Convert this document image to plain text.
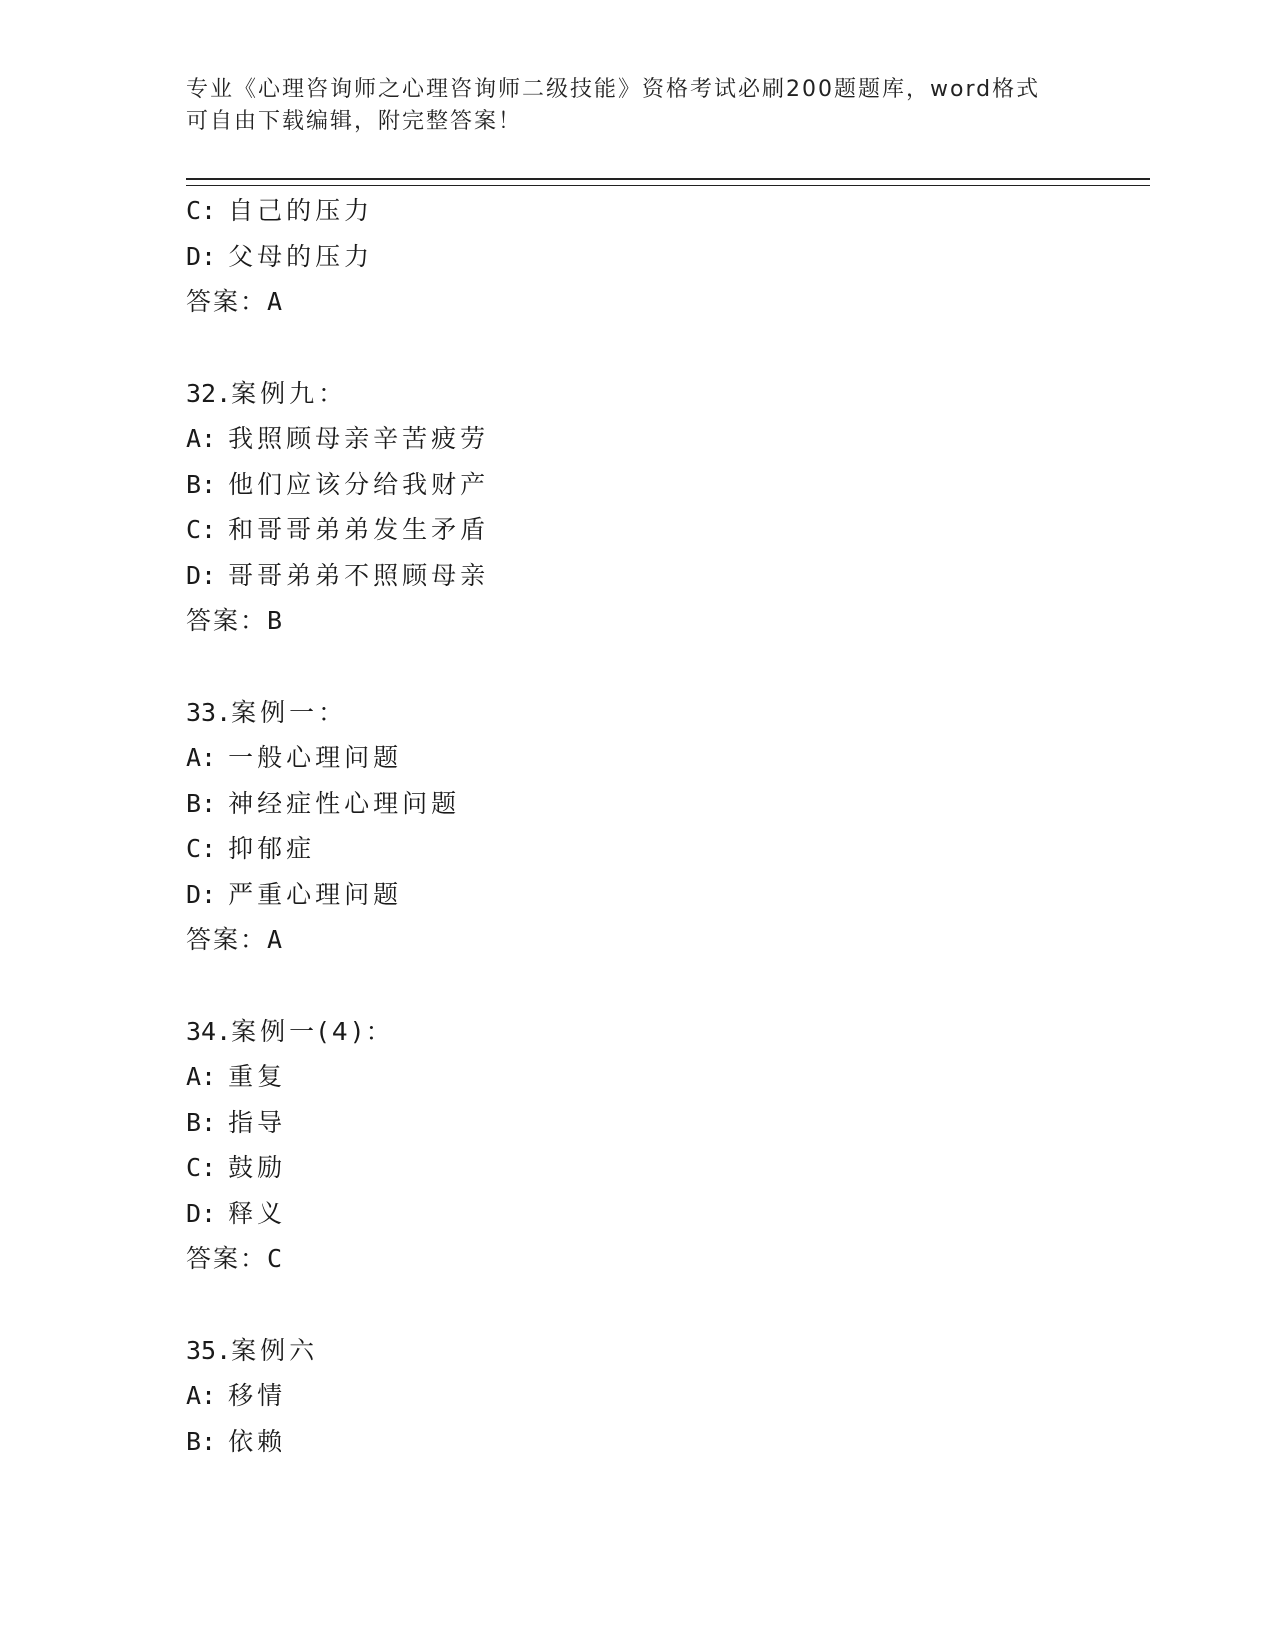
专业《心理咨询师之心理咨询师二级技能》资格考试必刷200题题库，word格式
可自由下载编辑，附完整答案！
C: 自己的压力
D: 父母的压力
答案：A
32.案例九：
A: 我照顾母亲辛苦疲劳
B: 他们应该分给我财产
C: 和哥哥弟弟发生矛盾
D: 哥哥弟弟不照顾母亲
答案：B
33.案例一：
A: 一般心理问题
B: 神经症性心理问题
C: 抑郁症
D: 严重心理问题
答案：A
34.案例一(4)：
A: 重复
B: 指导
C: 鼓励
D: 释义
答案：C
35.案例六
A: 移情
B: 依赖
